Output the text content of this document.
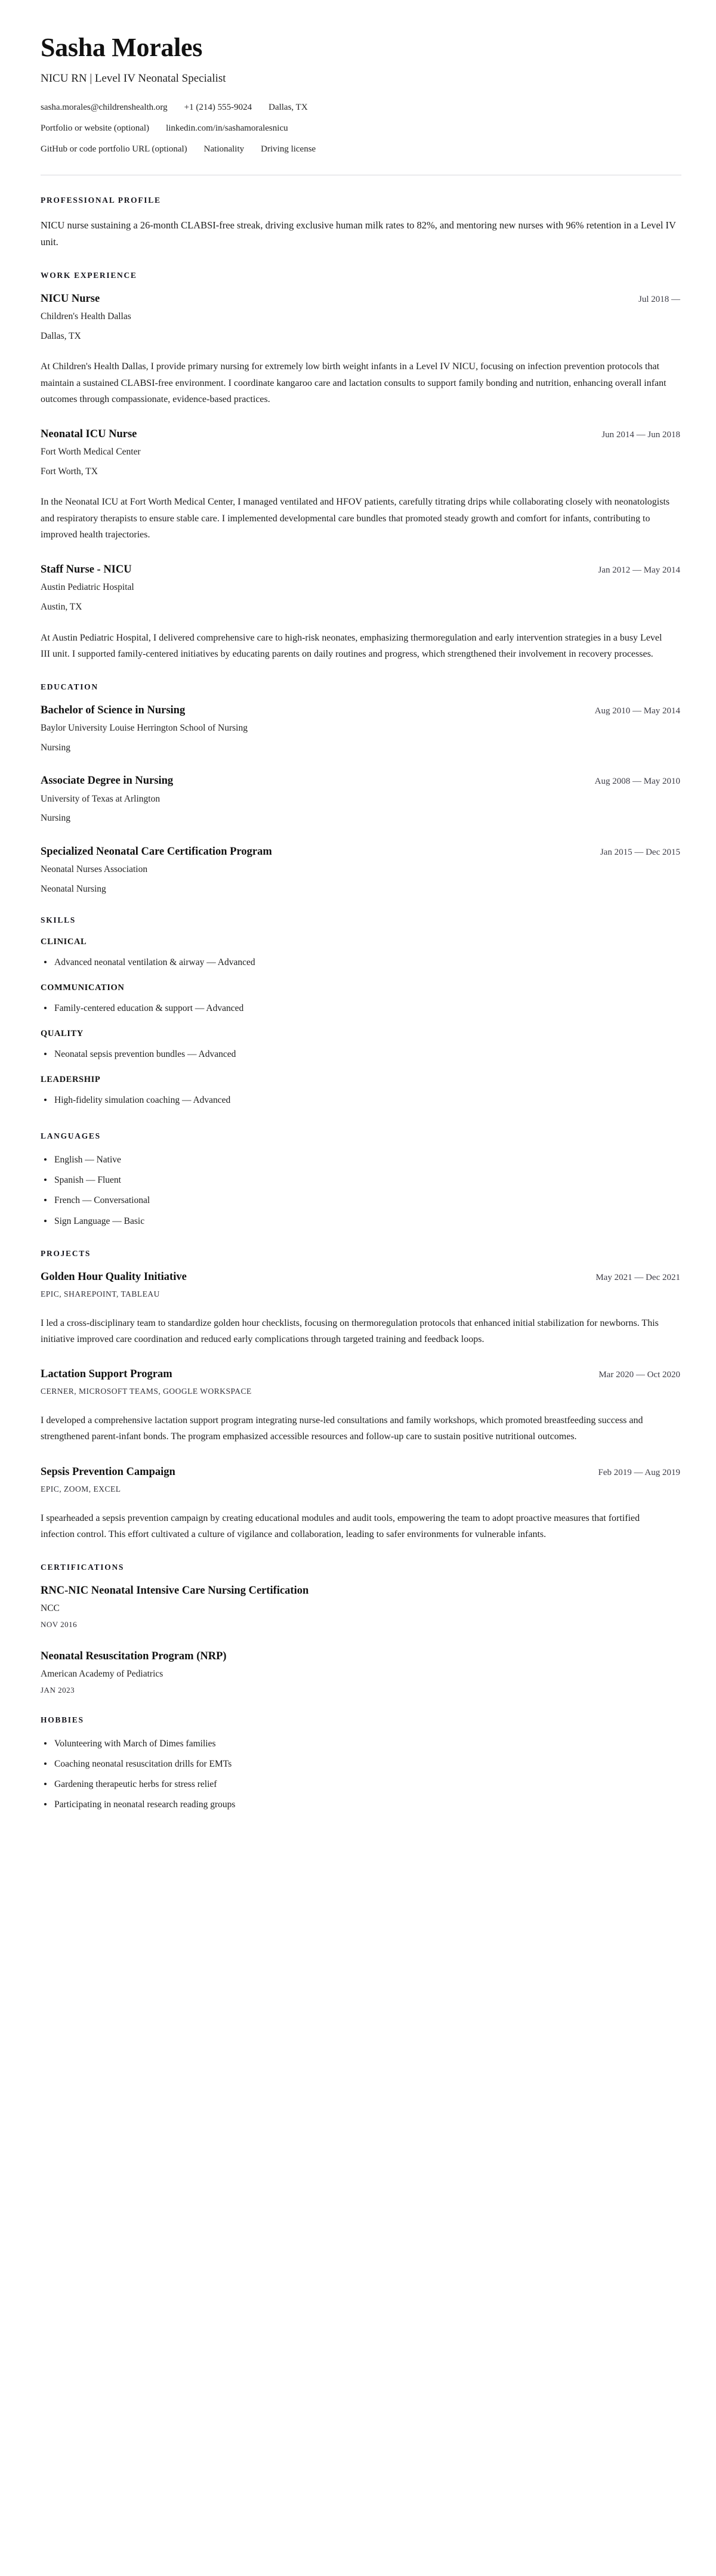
Sasha Morales
NICU RN | Level IV Neonatal Specialist
sasha.morales@childrenshealth.org +1 (214) 555-9024 Dallas, TX
Portfolio or website (optional) linkedin.com/in/sashamoralesnicu
GitHub or code portfolio URL (optional) Nationality Driving license
PROFESSIONAL PROFILE

NICU nurse sustaining a 26-month CLABSI-free streak, driving exclusive human milk rates to 82%, and mentoring new nurses with 96% retention in a Level IV unit.

WORK EXPERIENCE
NICU Nurse	Jul 2018 —
Children's Health Dallas
Dallas, TX

At Children's Health Dallas, I provide primary nursing for extremely low birth weight infants in a Level IV NICU, focusing on infection prevention protocols that maintain a sustained CLABSI-free environment. I coordinate kangaroo care and lactation consults to support family bonding and nutrition, enhancing overall infant outcomes through compassionate, evidence-based practices.

Neonatal ICU Nurse	Jun 2014 — Jun 2018
Fort Worth Medical Center
Fort Worth, TX

In the Neonatal ICU at Fort Worth Medical Center, I managed ventilated and HFOV patients, carefully titrating drips while collaborating closely with neonatologists and respiratory therapists to ensure stable care. I implemented developmental care bundles that promoted steady growth and comfort for infants, contributing to improved health trajectories.

Staff Nurse - NICU	Jan 2012 — May 2014
Austin Pediatric Hospital
Austin, TX

At Austin Pediatric Hospital, I delivered comprehensive care to high-risk neonates, emphasizing thermoregulation and early intervention strategies in a busy Level III unit. I supported family-centered initiatives by educating parents on daily routines and progress, which strengthened their involvement in recovery processes.

EDUCATION
Bachelor of Science in Nursing	Aug 2010 — May 2014
Baylor University Louise Herrington School of Nursing
Nursing
Associate Degree in Nursing	Aug 2008 — May 2010
University of Texas at Arlington
Nursing
Specialized Neonatal Care Certification Program	Jan 2015 — Dec 2015
Neonatal Nurses Association
Neonatal Nursing
SKILLS
CLINICAL
Advanced neonatal ventilation & airway — Advanced
COMMUNICATION
Family-centered education & support — Advanced
QUALITY
Neonatal sepsis prevention bundles — Advanced
LEADERSHIP
High-fidelity simulation coaching — Advanced
LANGUAGES
English — Native
Spanish — Fluent
French — Conversational
Sign Language — Basic
PROJECTS
Golden Hour Quality Initiative	May 2021 — Dec 2021
EPIC, SHAREPOINT, TABLEAU

I led a cross-disciplinary team to standardize golden hour checklists, focusing on thermoregulation protocols that enhanced initial stabilization for newborns. This initiative improved care coordination and reduced early complications through targeted training and feedback loops.

Lactation Support Program	Mar 2020 — Oct 2020
CERNER, MICROSOFT TEAMS, GOOGLE WORKSPACE

I developed a comprehensive lactation support program integrating nurse-led consultations and family workshops, which promoted breastfeeding success and strengthened parent-infant bonds. The program emphasized accessible resources and follow-up care to sustain positive nutritional outcomes.

Sepsis Prevention Campaign	Feb 2019 — Aug 2019
EPIC, ZOOM, EXCEL

I spearheaded a sepsis prevention campaign by creating educational modules and audit tools, empowering the team to adopt proactive measures that fortified infection control. This effort cultivated a culture of vigilance and collaboration, leading to safer environments for vulnerable infants.

CERTIFICATIONS
RNC-NIC Neonatal Intensive Care Nursing Certification
NCC
NOV 2016
Neonatal Resuscitation Program (NRP)
American Academy of Pediatrics
JAN 2023
HOBBIES
Volunteering with March of Dimes families
Coaching neonatal resuscitation drills for EMTs
Gardening therapeutic herbs for stress relief
Participating in neonatal research reading groups
